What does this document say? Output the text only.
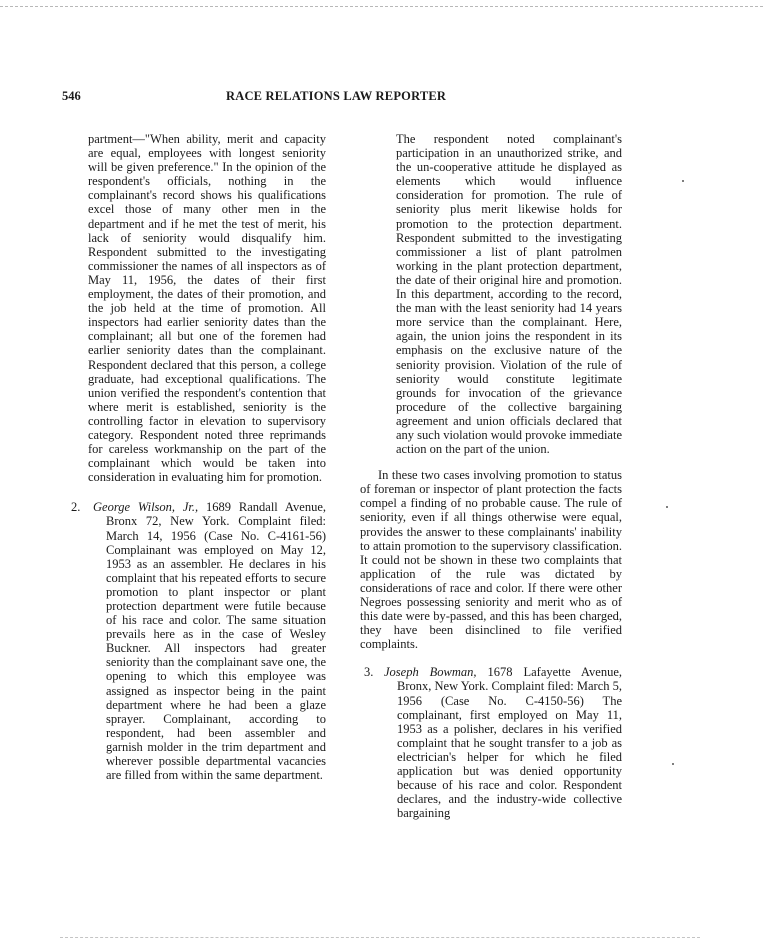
546	RACE RELATIONS LAW REPORTER

partment—"When ability, merit and capacity are equal, employees with longest seniority will be given preference." In the opinion of the respondent's officials, nothing in the complainant's record shows his qualifications excel those of many other men in the department and if he met the test of merit, his lack of seniority would disqualify him. Respondent submitted to the investigating commissioner the names of all inspectors as of May 11, 1956, the dates of their first employment, the dates of their promotion, and the job held at the time of promotion. All inspectors had earlier seniority dates than the complainant; all but one of the foremen had earlier seniority dates than the complainant. Respondent declared that this person, a college graduate, had exceptional qualifications. The union verified the respondent's contention that where merit is established, seniority is the controlling factor in elevation to supervisory category. Respondent noted three reprimands for careless workmanship on the part of the complainant which would be taken into consideration in evaluating him for promotion.

2.	George Wilson, Jr., 1689 Randall Avenue, Bronx 72, New York. Complaint filed: March 14, 1956 (Case No. C-4161-56) Complainant was employed on May 12, 1953 as an assembler. He declares in his complaint that his repeated efforts to secure promotion to plant inspector or plant protection department were futile because of his race and color. The same situation prevails here as in the case of Wesley Buckner. All inspectors had greater seniority than the complainant save one, the opening to which this employee was assigned as inspector being in the paint department where he had been a glaze sprayer. Complainant, according to respondent, had been assembler and garnish molder in the trim department and wherever possible departmental vacancies are filled from within the same department.

The respondent noted complainant's participation in an unauthorized strike, and the un-cooperative attitude he displayed as elements which would influence consideration for promotion. The rule of seniority plus merit likewise holds for promotion to the protection department. Respondent submitted to the investigating commissioner a list of plant patrolmen working in the plant protection department, the date of their original hire and promotion. In this department, according to the record, the man with the least seniority had 14 years more service than the complainant. Here, again, the union joins the respondent in its emphasis on the exclusive nature of the seniority provision. Violation of the rule of seniority would constitute legitimate grounds for invocation of the grievance procedure of the collective bargaining agreement and union officials declared that any such violation would provoke immediate action on the part of the union.

In these two cases involving promotion to status of foreman or inspector of plant protection the facts compel a finding of no probable cause. The rule of seniority, even if all things otherwise were equal, provides the answer to these complainants' inability to attain promotion to the supervisory classification. It could not be shown in these two complaints that application of the rule was dictated by considerations of race and color. If there were other Negroes possessing seniority and merit who as of this date were by-passed, and this has been charged, they have been disinclined to file verified complaints.

3. Joseph Bowman, 1678 Lafayette Avenue, Bronx, New York. Complaint filed: March 5, 1956 (Case No. C-4150-56) The complainant, first employed on May 11, 1953 as a polisher, declares in his verified complaint that he sought transfer to a job as electrician's helper for which he filed application but was denied opportunity because of his race and color. Respondent declares, and the industry-wide collective bargaining
